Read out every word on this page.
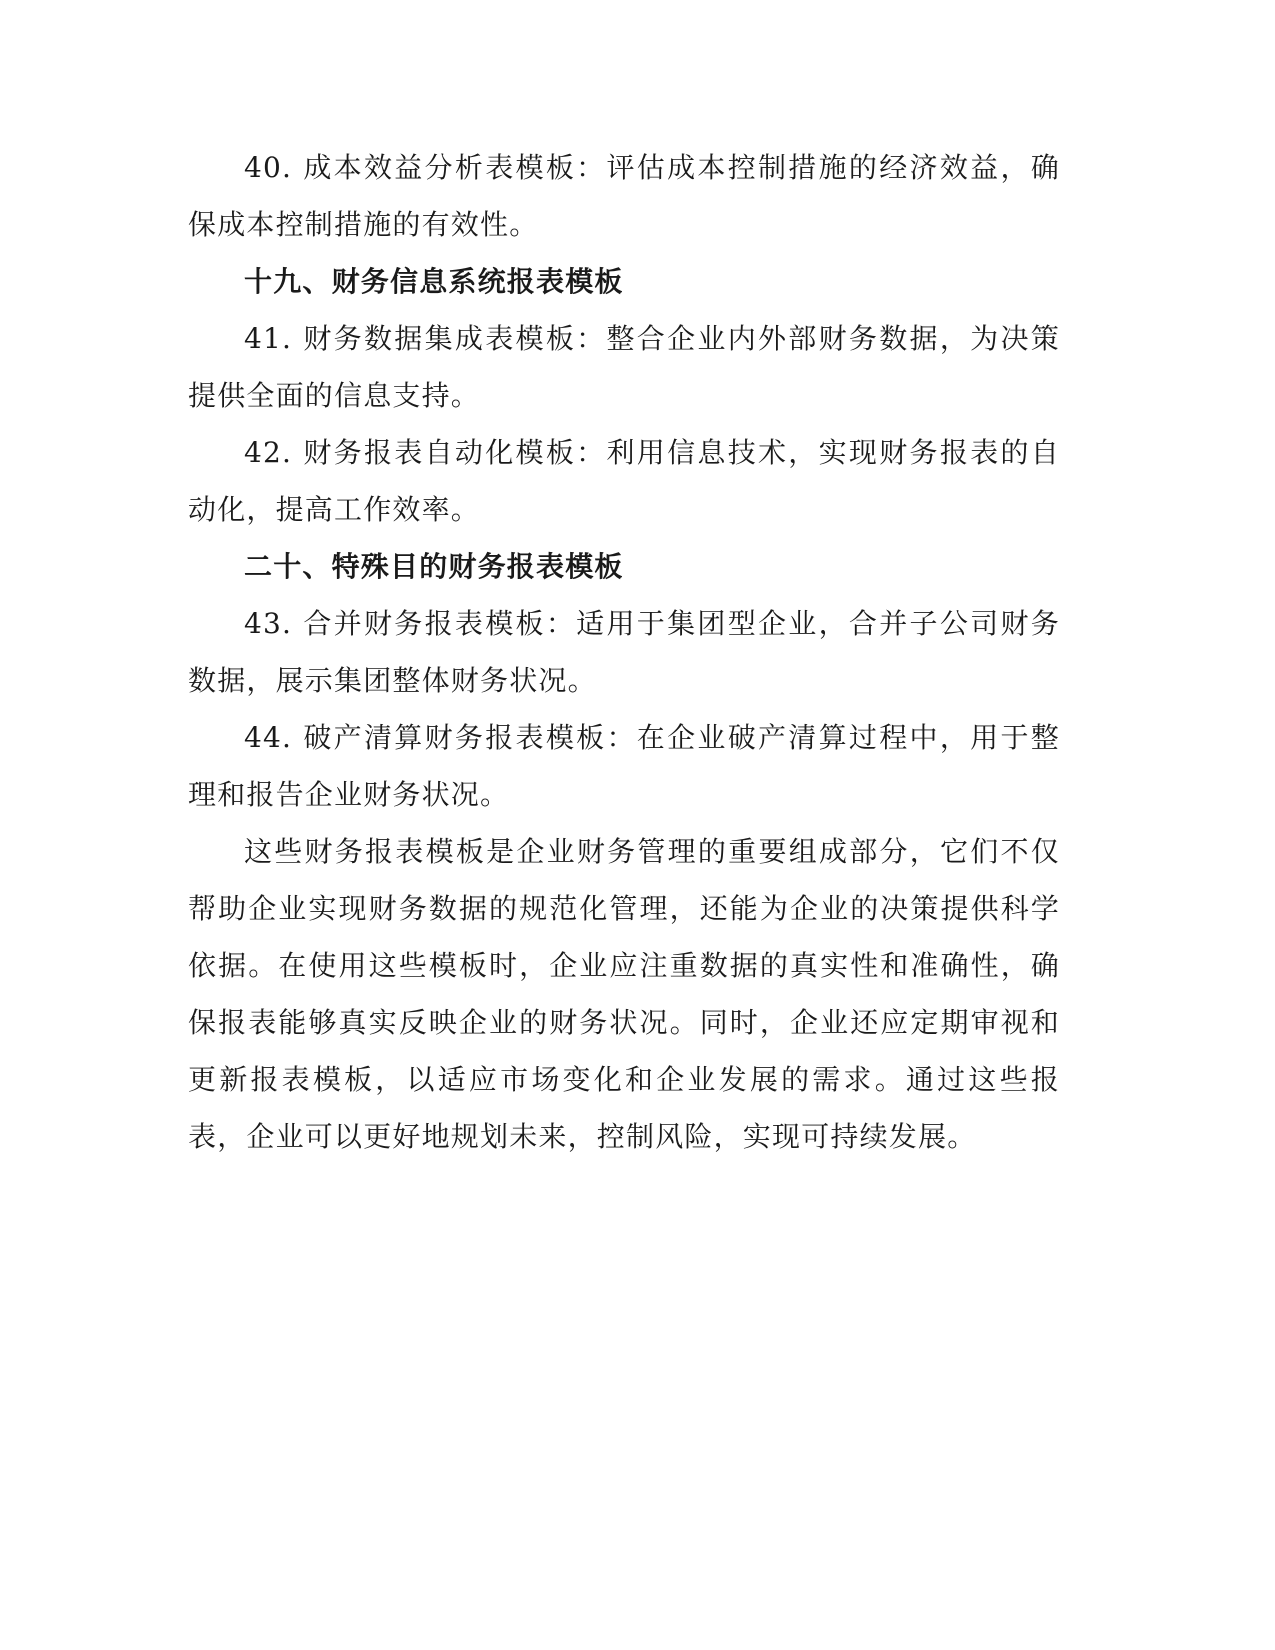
40. 成本效益分析表模板：评估成本控制措施的经济效益，确保成本控制措施的有效性。

十九、财务信息系统报表模板

41. 财务数据集成表模板：整合企业内外部财务数据，为决策提供全面的信息支持。

42. 财务报表自动化模板：利用信息技术，实现财务报表的自动化，提高工作效率。

二十、特殊目的财务报表模板

43. 合并财务报表模板：适用于集团型企业，合并子公司财务数据，展示集团整体财务状况。

44. 破产清算财务报表模板：在企业破产清算过程中，用于整理和报告企业财务状况。

这些财务报表模板是企业财务管理的重要组成部分，它们不仅帮助企业实现财务数据的规范化管理，还能为企业的决策提供科学依据。在使用这些模板时，企业应注重数据的真实性和准确性，确保报表能够真实反映企业的财务状况。同时，企业还应定期审视和更新报表模板，以适应市场变化和企业发展的需求。通过这些报表，企业可以更好地规划未来，控制风险，实现可持续发展。
